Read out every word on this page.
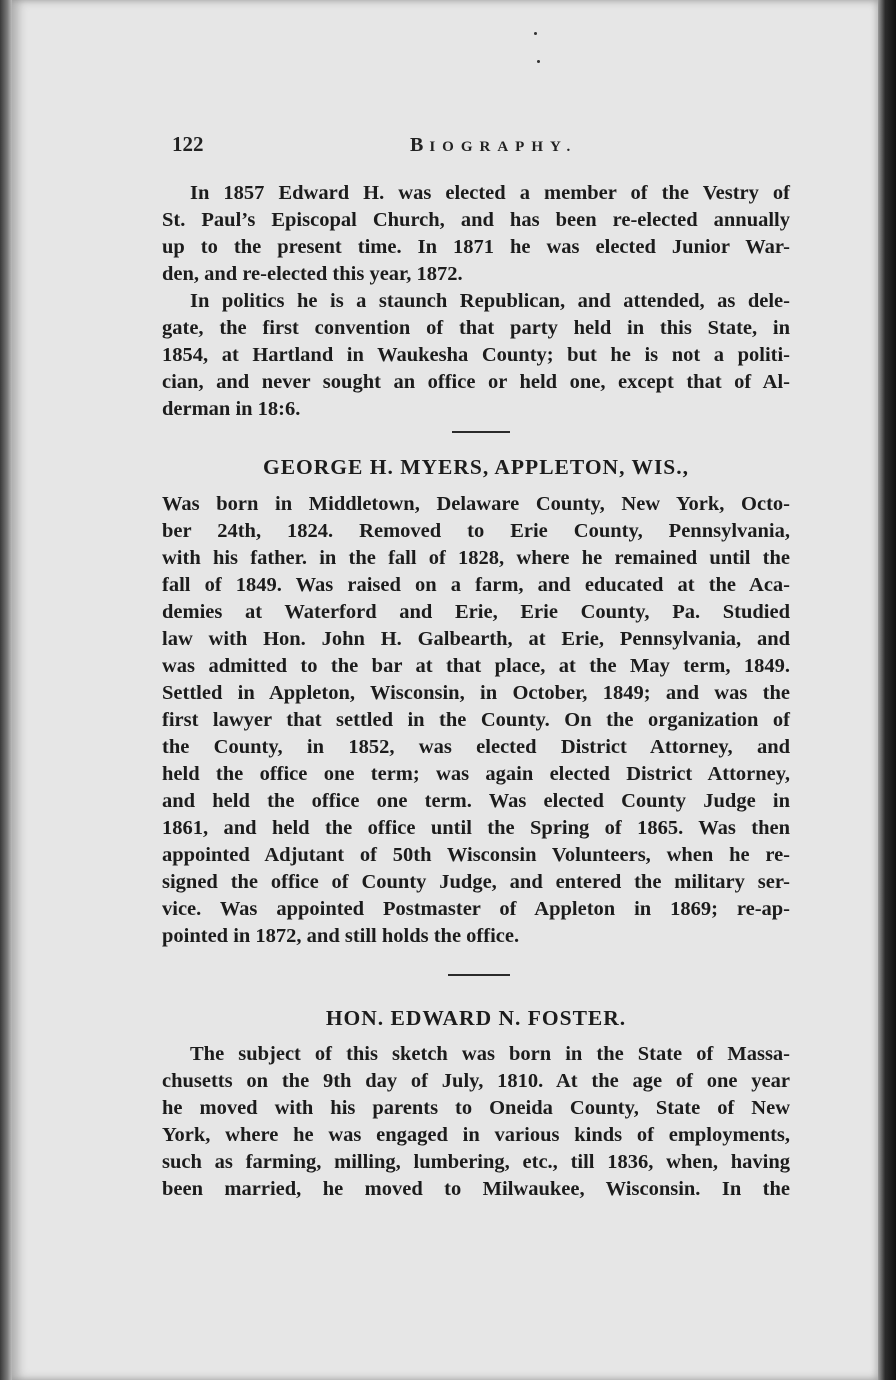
122	BIOGRAPHY.
In 1857 Edward H. was elected a member of the Vestry of
St. Paul’s Episcopal Church, and has been re-elected annually
up to the present time. In 1871 he was elected Junior War-
den, and re-elected this year, 1872.
In politics he is a staunch Republican, and attended, as dele-
gate, the first convention of that party held in this State, in
1854, at Hartland in Waukesha County; but he is not a politi-
cian, and never sought an office or held one, except that of Al-
derman in 18:6.
GEORGE H. MYERS, APPLETON, WIS.,
Was born in Middletown, Delaware County, New York, Octo-
ber 24th, 1824. Removed to Erie County, Pennsylvania,
with his father. in the fall of 1828, where he remained until the
fall of 1849. Was raised on a farm, and educated at the Aca-
demies at Waterford and Erie, Erie County, Pa. Studied
law with Hon. John H. Galbearth, at Erie, Pennsylvania, and
was admitted to the bar at that place, at the May term, 1849.
Settled in Appleton, Wisconsin, in October, 1849; and was the
first lawyer that settled in the County. On the organization of
the County, in 1852, was elected District Attorney, and
held the office one term; was again elected District Attorney,
and held the office one term. Was elected County Judge in
1861, and held the office until the Spring of 1865. Was then
appointed Adjutant of 50th Wisconsin Volunteers, when he re-
signed the office of County Judge, and entered the military ser-
vice. Was appointed Postmaster of Appleton in 1869; re-ap-
pointed in 1872, and still holds the office.
HON. EDWARD N. FOSTER.
The subject of this sketch was born in the State of Massa-
chusetts on the 9th day of July, 1810. At the age of one year
he moved with his parents to Oneida County, State of New
York, where he was engaged in various kinds of employments,
such as farming, milling, lumbering, etc., till 1836, when, having
been married, he moved to Milwaukee, Wisconsin. In the
